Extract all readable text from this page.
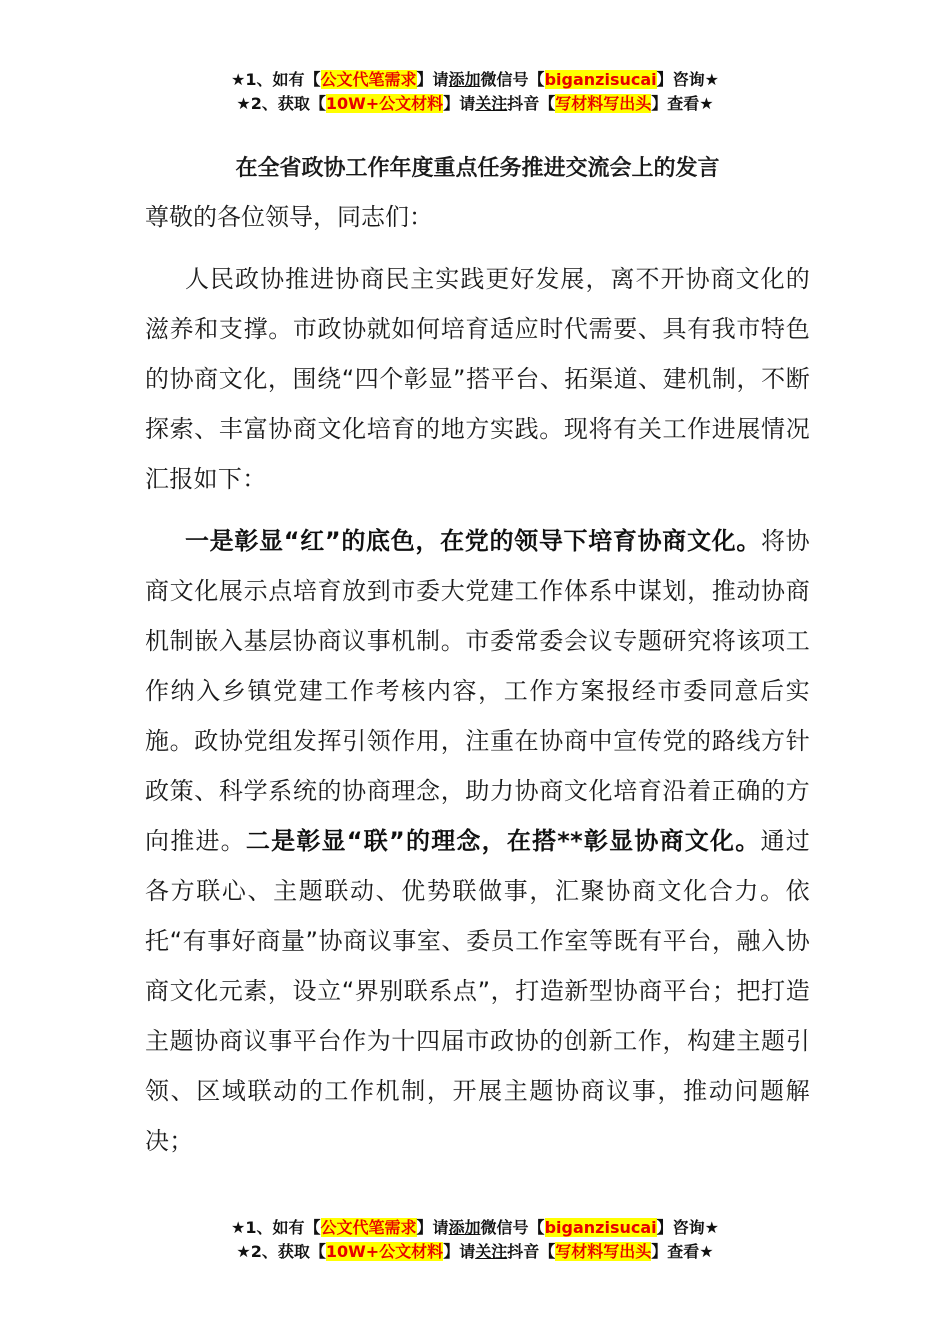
★1、如有【公文代笔需求】请添加微信号【biganzisucai】咨询★
★2、获取【10W+公文材料】请关注抖音【写材料写出头】查看★
在全省政协工作年度重点任务推进交流会上的发言
尊敬的各位领导，同志们：

人民政协推进协商民主实践更好发展，离不开协商文化的滋养和支撑。市政协就如何培育适应时代需要、具有我市特色的协商文化，围绕“四个彰显”搭平台、拓渠道、建机制，不断探索、丰富协商文化培育的地方实践。现将有关工作进展情况汇报如下：

一是彰显“红”的底色，在党的领导下培育协商文化。将协商文化展示点培育放到市委大党建工作体系中谋划，推动协商机制嵌入基层协商议事机制。市委常委会议专题研究将该项工作纳入乡镇党建工作考核内容，工作方案报经市委同意后实施。政协党组发挥引领作用，注重在协商中宣传党的路线方针政策、科学系统的协商理念，助力协商文化培育沿着正确的方向推进。二是彰显“联”的理念，在搭**彰显协商文化。通过各方联心、主题联动、优势联做事，汇聚协商文化合力。依托“有事好商量”协商议事室、委员工作室等既有平台，融入协商文化元素，设立“界别联系点”，打造新型协商平台；把打造主题协商议事平台作为十四届市政协的创新工作，构建主题引领、区域联动的工作机制，开展主题协商议事，推动问题解决；

★1、如有【公文代笔需求】请添加微信号【biganzisucai】咨询★
★2、获取【10W+公文材料】请关注抖音【写材料写出头】查看★
